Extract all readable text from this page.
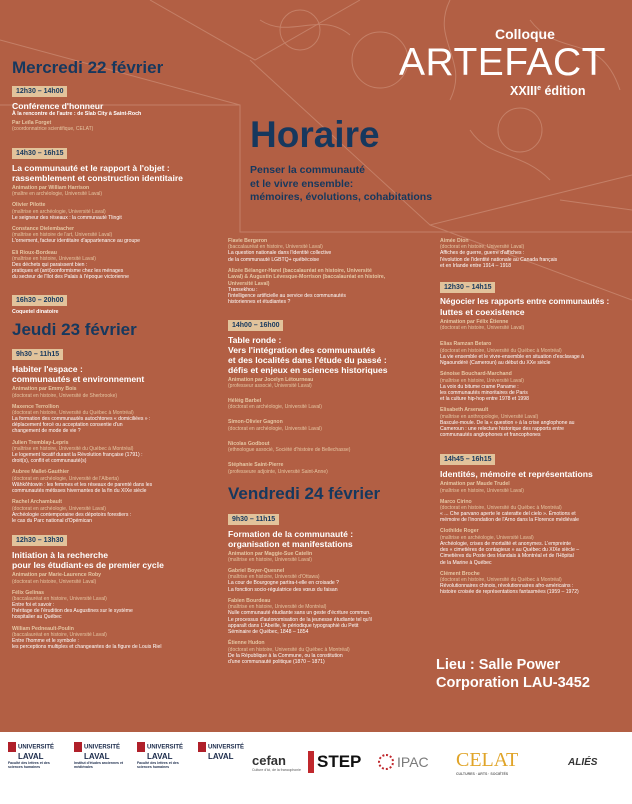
Colloque
ARTEFACT
XXIIIe édition
Horaire
Penser la communauté
et le vivre ensemble:
mémoires, évolutions, cohabitations
Mercredi 22 février
12h30 – 14h00
Conférence d'honneur
À la rencontre de l'autre : de Slab City à Saint-Roch
Par Leïla Forget
(coordonnatrice scientifique, CELAT)
14h30 – 16h15
La communauté et le rapport à l'objet :
rassemblement et construction identitaire
Animation par William Harrison
(maître en archéologie, Université Laval)
Olivier Pilotte
(maîtrise en archéologie, Université Laval)
Le seigneur des réseaux : la communauté Tlingit
Constance Dielembacher
(maîtrise en histoire de l'art, Université Laval)
L'ornement, facteur identitaire d'appartenance au groupe
Eli Rioux-Bordeau
(maîtrise en histoire, Université Laval)
Des déchets qui paraissent bien :
pratiques et (anti)conformisme chez les ménages
du secteur de l'îlot des Palais à l'époque victorienne
16h30 – 20h00
Coquetel dinatoire
Jeudi 23 février
9h30 – 11h15
Habiter l'espace :
communautés et environnement
Animation par Emmy Bois
(doctorat en histoire, Université de Sherbrooke)
Maxence Terrollion
(doctorat en histoire, Université du Québec à Montréal)
La formation des communautés autochtones « domiciliées » :
déplacement forcé ou acceptation consentie d'un
changement de mode de vie ?
Julien Tremblay-Lepris
(maîtrise en histoire, Université du Québec à Montréal)
Le logement locatif durant la Révolution française (1791) :
droit(s), conflit et communauté(s)
Aubree Mallet-Gauthier
(doctorat en archéologie, Université de l'Alberta)
Wâhkôhtowin : les femmes et les réseaux de parenté dans les
communautés métisses hivernantes de la fin du XIXe siècle
Rachel Archambault
(doctorat en archéologie, Université Laval)
Archéologie contemporaine des dépotoirs forestiers :
le cas du Parc national d'Opémican
12h30 – 13h30
Initiation à la recherche
pour les étudiant·es de premier cycle
Animation par Marie-Laurence Roby
(doctorat en histoire, Université Laval)
Félix Gelinas
(baccalauréat en histoire, Université Laval)
Entre foi et savoir :
l'héritage de l'érudition des Augustines sur le système
hospitalier au Québec
William Pedneault-Poulin
(baccalauréat en histoire, Université Laval)
Entre l'homme et le symbole :
les perceptions multiples et changeantes de la figure de Louis Riel
Flavie Bergeron
(baccalauréat en histoire, Université Laval)
La question nationale dans l'identité collective
de la communauté LGBTQ+ québécoise
Alizée Bélanger-Harel (baccalauréat en histoire, Université
Laval) & Augustin Lévesque-Morrison (baccalauréat en histoire,
Université Laval)
Transekhou :
l'intelligence artificielle au service des communautés
historiennes et étudiantes ?
14h00 – 16h00
Table ronde :
Vers l'intégration des communautés
et des localités dans l'étude du passé :
défis et enjeux en sciences historiques
Animation par Jocelyn Létourneau
(professeur associé, Université Laval)
Hélèig Barbel
(doctorat en archéologie, Université Laval)
Simon-Olivier Gagnon
(doctorat en archéologie, Université Laval)
Nicolas Godbout
(ethnologue associé, Société d'histoire de Bellechasse)
Stéphanie Saint-Pierre
(professeure adjointe, Université Saint-Anne)
Vendredi 24 février
9h30 – 11h15
Formation de la communauté :
organisation et manifestations
Animation par Maggie-Sue Catelin
(maîtrise en histoire, Université Laval)
Gabriel Boyer-Quesnel
(maîtrise en histoire, Université d'Ottawa)
La cour de Bourgogne partira-t-elle en croisade ?
La fonction socio-régulatrice des vœux du faisan
Fabien Bourdeau
(maîtrise en histoire, Université de Montréal)
Nulle communauté étudiante sans un geste d'écriture commun.
Le processus d'autonomisation de la jeunesse étudiante tel qu'il
apparaît dans L'Abeille, le périodique typographié du Petit
Séminaire de Québec, 1848 – 1854
Étienne Hudon
(doctorat en histoire, Université du Québec à Montréal)
De la République à la Commune, ou la constitution
d'une communauté politique (1870 – 1871)
Aimée Dion
(doctorat en histoire, Université Laval)
Affiches de guerre, guerre d'affiches :
l'évolution de l'identité nationale au Canada français
et en Irlande entre 1914 – 1918
12h30 – 14h15
Négocier les rapports entre communautés :
luttes et coexistence
Animation par Félix Étienne
(doctorat en histoire, Université Laval)
Elias Ramzan Betaro
(doctorat en histoire, Université du Québec à Montréal)
La vie ensemble et le vivre-ensemble en situation d'esclavage à
Ngaoundéré (Cameroun) au début du XXe siècle
Sénoise Bouchard-Marchand
(maîtrise en histoire, Université Laval)
La voix du bitume crame Paname :
les communautés minoritaires de Paris
et la culture hip-hop entre 1978 et 1998
Elisabeth Arsenault
(maîtrise en anthropologie, Université Laval)
Bascule-moule. De la « question » à la crise anglophone au
Cameroun : une relecture historique des rapports entre
communautés anglophones et francophones
14h45 – 16h15
Identités, mémoire et représentations
Animation par Maude Trudel
(maîtrise en histoire, Université Laval)
Marco Cirino
(doctorat en histoire, Université du Québec à Montréal)
« ... Che parvano aperte le cateratte del cielo ». Émotions et
mémoire de l'inondation de l'Arno dans la Florence médiévale
Clothilde Roger
(maîtrise en archéologie, Université Laval)
Archéologie, crises de mortalité et anonymes. L'empreinte
des « cimetières de contagieux » au Québec du XIXe siècle –
Cimetières du Poste des Irlandais à Montréal et de l'Hôpital
de la Marine à Québec
Clément Broche
(doctorat en histoire, Université du Québec à Montréal)
Révolutionnaires chinois, révolutionnaires afro-américains :
histoire croisée de représentations fantasmées (1959 – 1972)
Lieu : Salle Power
Corporation LAU-3452
UNIVERSITÉ
LAVAL
Faculté des lettres et des sciences humaines
UNIVERSITÉ
LAVAL
Institut d'études anciennes et médiévales
UNIVERSITÉ
LAVAL
Faculté des lettres et des sciences humaines
UNIVERSITÉ
LAVAL cefan
Culture d'ici, de la francophonie STEP	IPAC CELAT
CULTURES · ARTS · SOCIÉTÉS
ALIÉS
